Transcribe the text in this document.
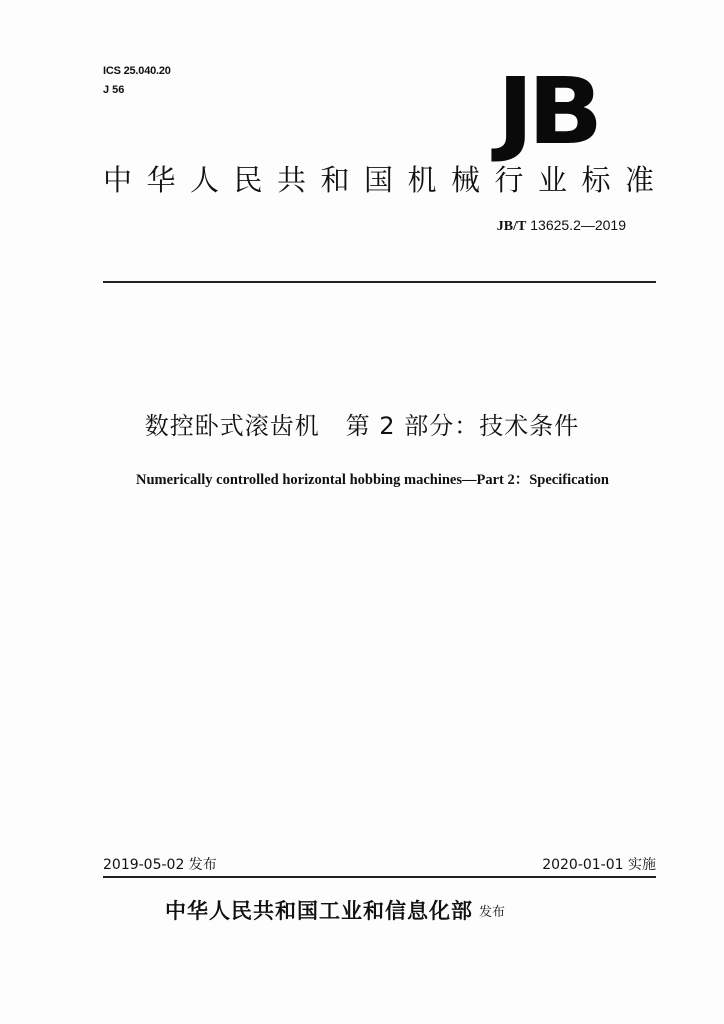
ICS 25.040.20
J 56	JB
中华人民共和国机械行业标准
JB/T 13625.2—2019
数控卧式滚齿机   第 2 部分：技术条件
Numerically controlled horizontal hobbing machines—Part 2：Specification
2019-05-02 发布	2020-01-01 实施
中华人民共和国工业和信息化部 $^{发布}$
